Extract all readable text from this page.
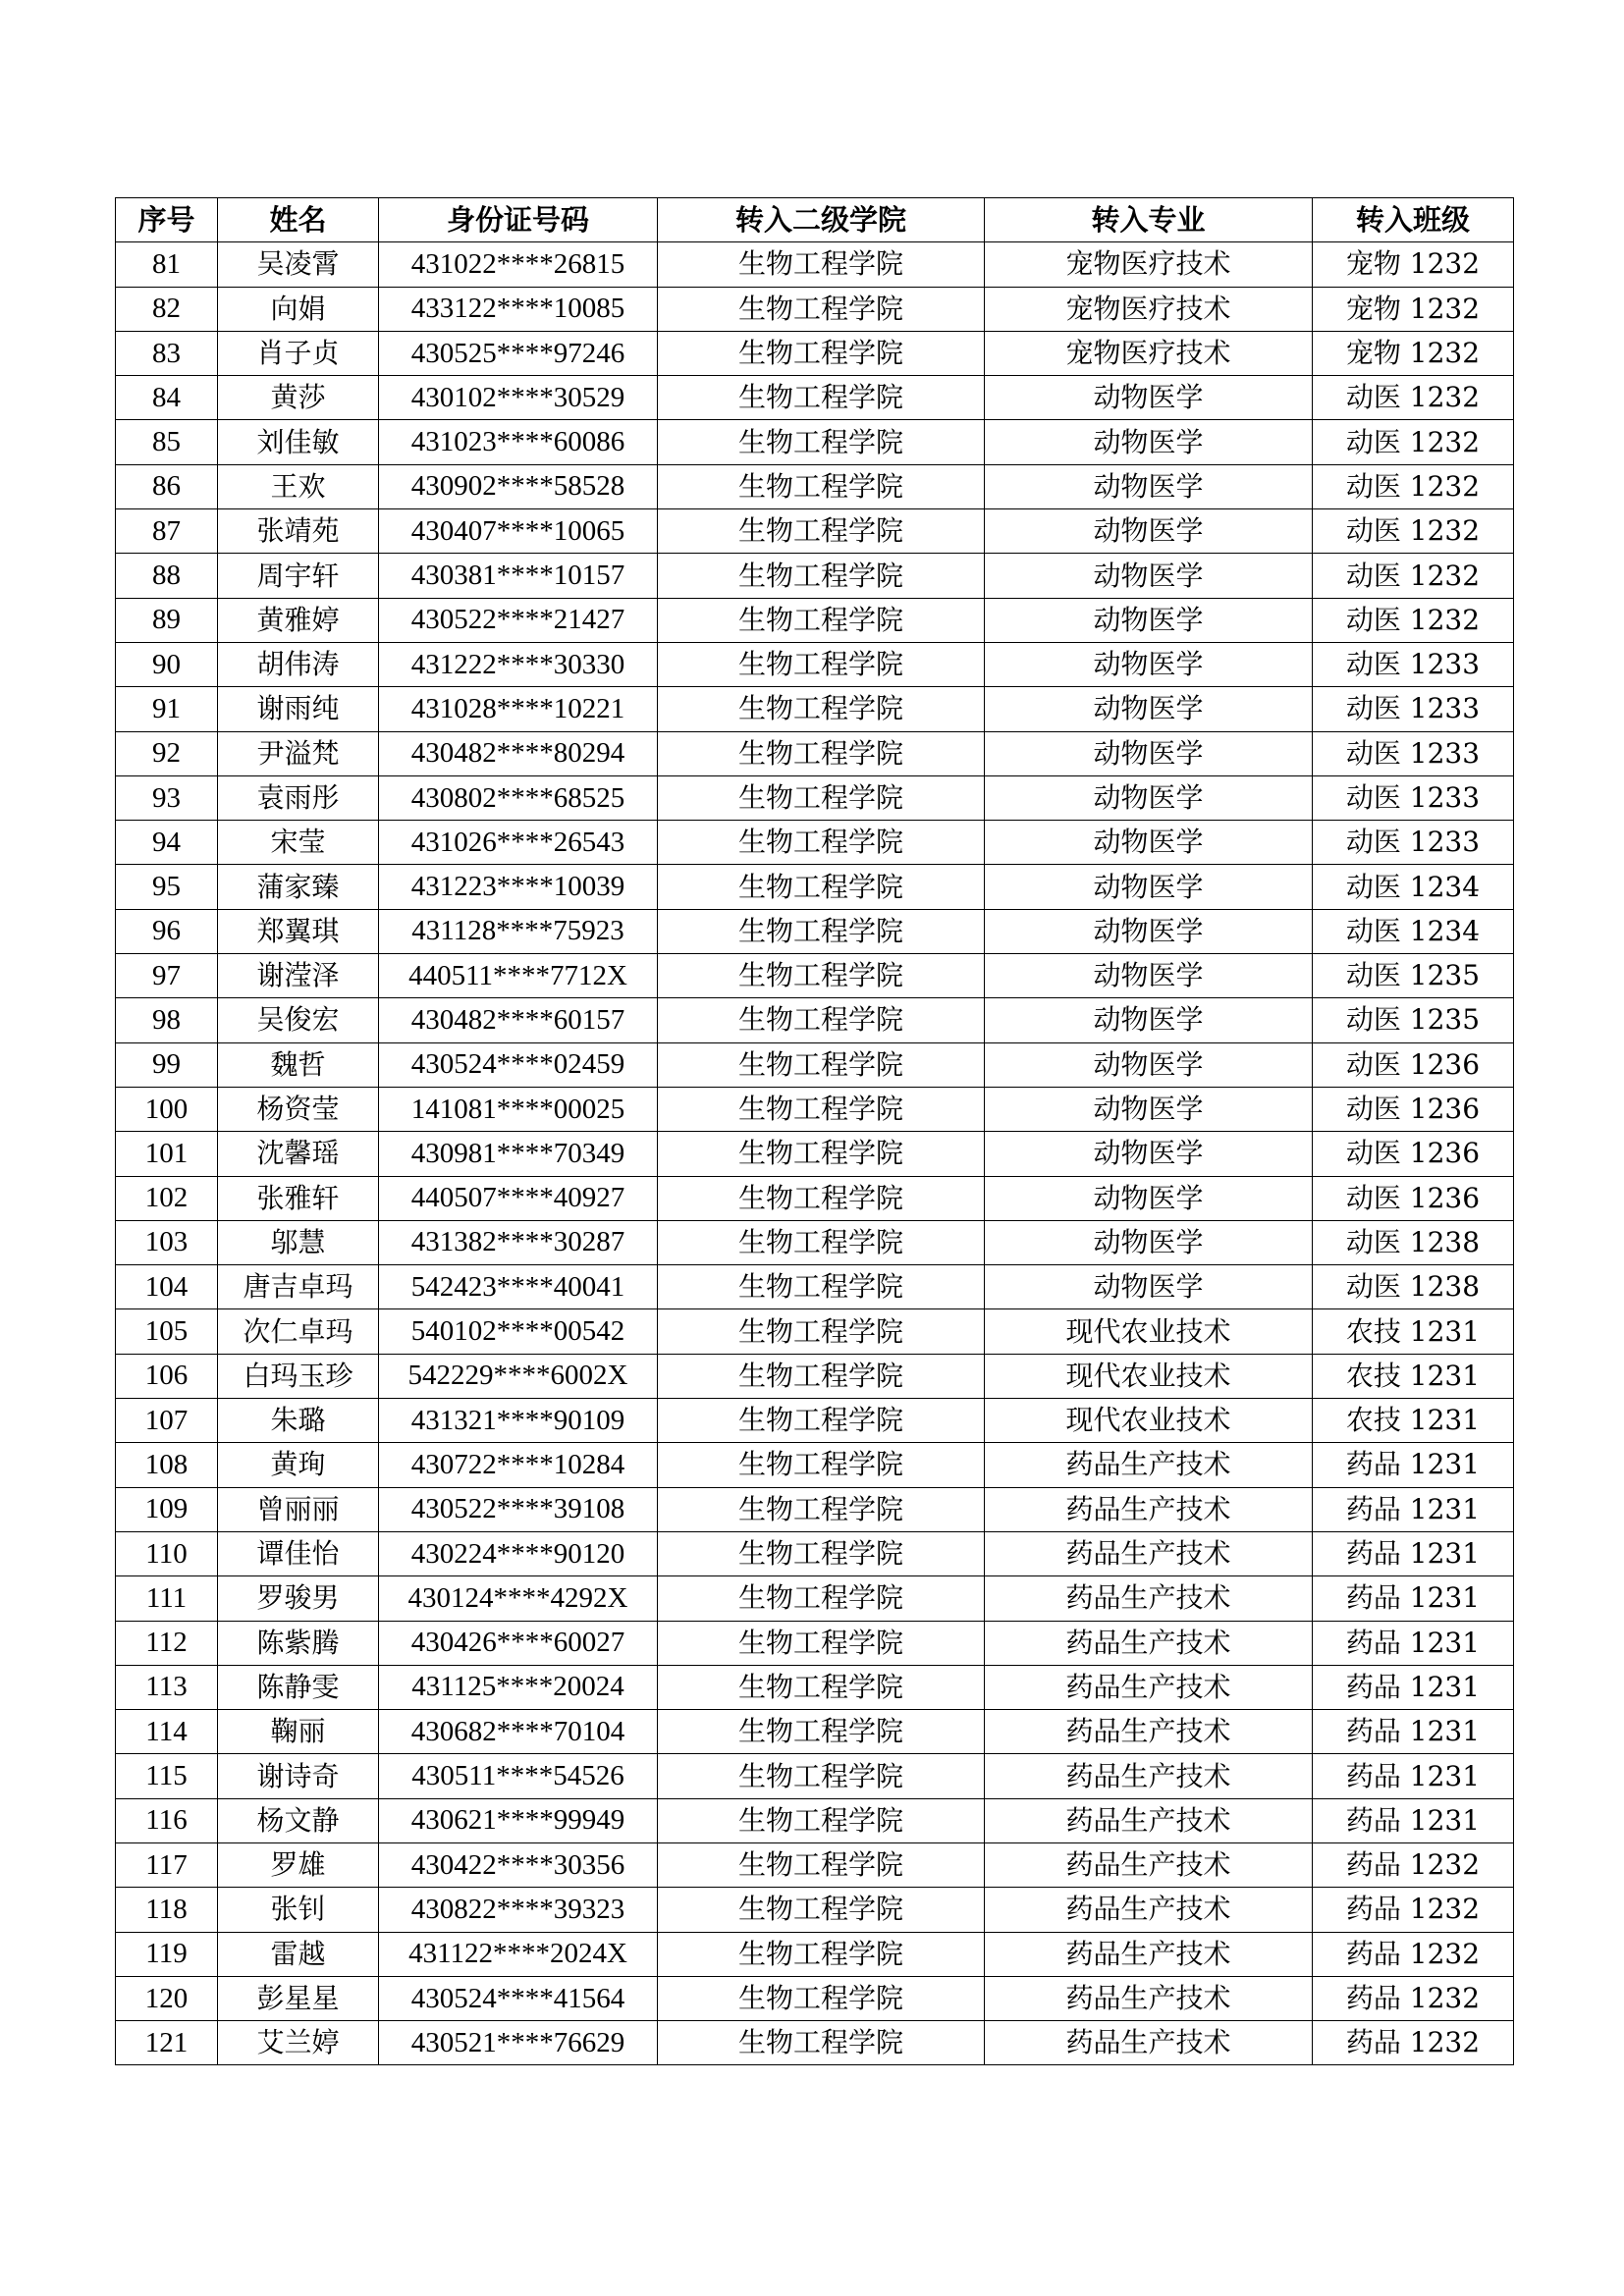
序号	姓名	身份证号码	转入二级学院	转入专业	转入班级
81	吴凌霄	431022****26815	生物工程学院	宠物医疗技术	宠物 1232
82	向娟	433122****10085	生物工程学院	宠物医疗技术	宠物 1232
83	肖子贞	430525****97246	生物工程学院	宠物医疗技术	宠物 1232
84	黄莎	430102****30529	生物工程学院	动物医学	动医 1232
85	刘佳敏	431023****60086	生物工程学院	动物医学	动医 1232
86	王欢	430902****58528	生物工程学院	动物医学	动医 1232
87	张靖苑	430407****10065	生物工程学院	动物医学	动医 1232
88	周宇轩	430381****10157	生物工程学院	动物医学	动医 1232
89	黄雅婷	430522****21427	生物工程学院	动物医学	动医 1232
90	胡伟涛	431222****30330	生物工程学院	动物医学	动医 1233
91	谢雨纯	431028****10221	生物工程学院	动物医学	动医 1233
92	尹溢梵	430482****80294	生物工程学院	动物医学	动医 1233
93	袁雨彤	430802****68525	生物工程学院	动物医学	动医 1233
94	宋莹	431026****26543	生物工程学院	动物医学	动医 1233
95	蒲家臻	431223****10039	生物工程学院	动物医学	动医 1234
96	郑翼琪	431128****75923	生物工程学院	动物医学	动医 1234
97	谢滢泽	440511****7712X	生物工程学院	动物医学	动医 1235
98	吴俊宏	430482****60157	生物工程学院	动物医学	动医 1235
99	魏哲	430524****02459	生物工程学院	动物医学	动医 1236
100	杨资莹	141081****00025	生物工程学院	动物医学	动医 1236
101	沈馨瑶	430981****70349	生物工程学院	动物医学	动医 1236
102	张雅轩	440507****40927	生物工程学院	动物医学	动医 1236
103	邬慧	431382****30287	生物工程学院	动物医学	动医 1238
104	唐吉卓玛	542423****40041	生物工程学院	动物医学	动医 1238
105	次仁卓玛	540102****00542	生物工程学院	现代农业技术	农技 1231
106	白玛玉珍	542229****6002X	生物工程学院	现代农业技术	农技 1231
107	朱璐	431321****90109	生物工程学院	现代农业技术	农技 1231
108	黄珣	430722****10284	生物工程学院	药品生产技术	药品 1231
109	曾丽丽	430522****39108	生物工程学院	药品生产技术	药品 1231
110	谭佳怡	430224****90120	生物工程学院	药品生产技术	药品 1231
111	罗骏男	430124****4292X	生物工程学院	药品生产技术	药品 1231
112	陈紫腾	430426****60027	生物工程学院	药品生产技术	药品 1231
113	陈静雯	431125****20024	生物工程学院	药品生产技术	药品 1231
114	鞠丽	430682****70104	生物工程学院	药品生产技术	药品 1231
115	谢诗奇	430511****54526	生物工程学院	药品生产技术	药品 1231
116	杨文静	430621****99949	生物工程学院	药品生产技术	药品 1231
117	罗雄	430422****30356	生物工程学院	药品生产技术	药品 1232
118	张钊	430822****39323	生物工程学院	药品生产技术	药品 1232
119	雷越	431122****2024X	生物工程学院	药品生产技术	药品 1232
120	彭星星	430524****41564	生物工程学院	药品生产技术	药品 1232
121	艾兰婷	430521****76629	生物工程学院	药品生产技术	药品 1232
